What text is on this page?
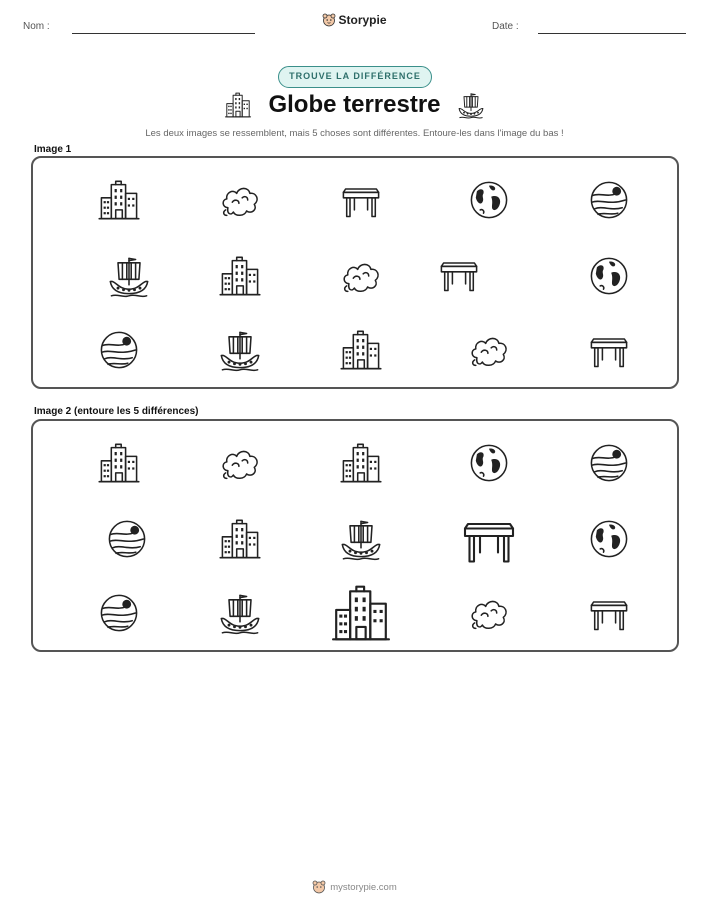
Nom :	Storypie	Date :
TROUVE LA DIFFÉRENCE
Globe terrestre
Les deux images se ressemblent, mais 5 choses sont différentes. Entoure-les dans l'image du bas !
Image 1
Image 2 (entoure les 5 différences)
mystorypie.com
